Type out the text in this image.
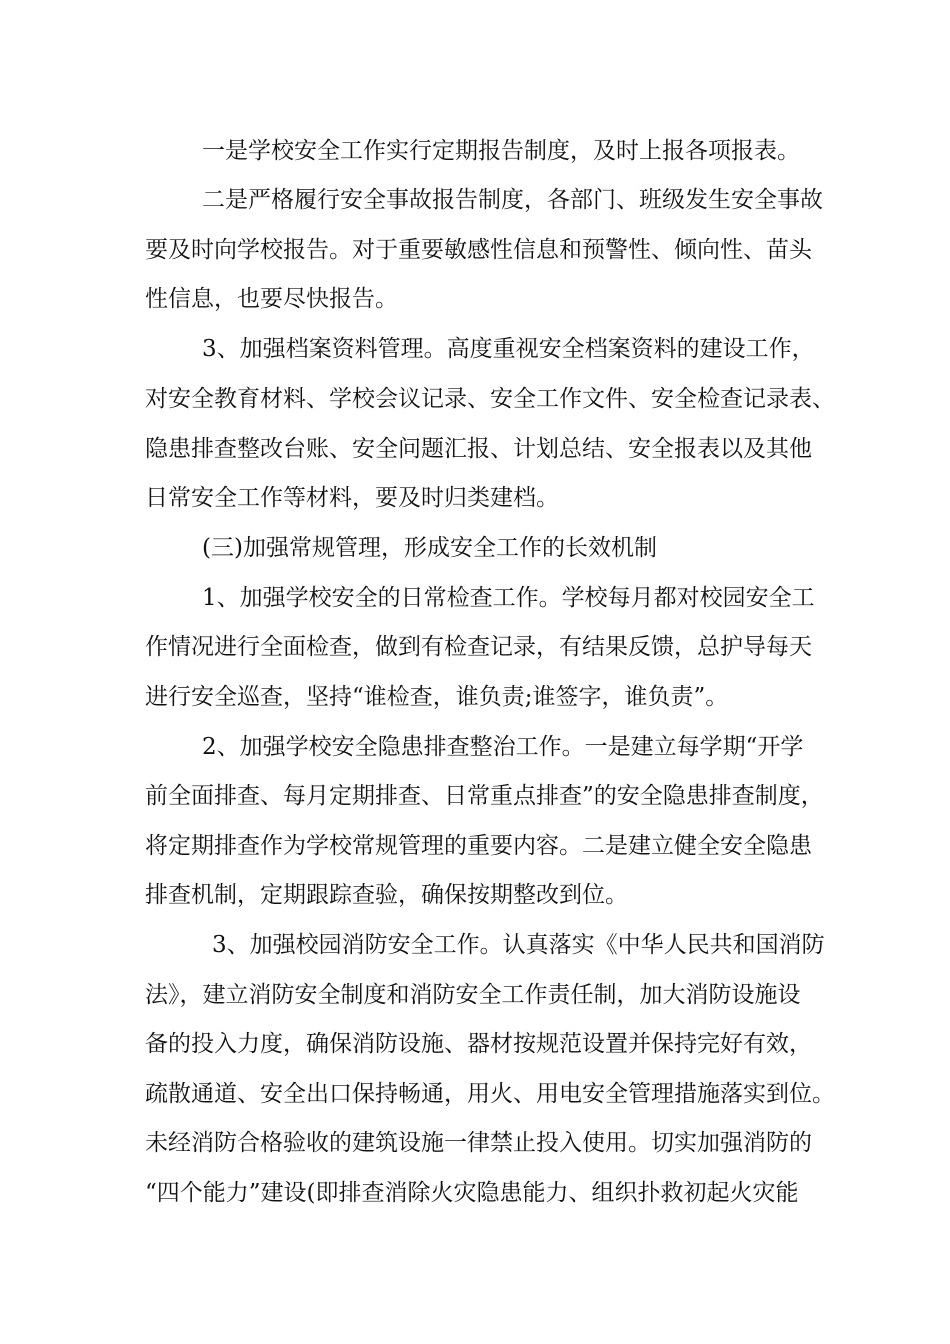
一是学校安全工作实行定期报告制度，及时上报各项报表。
二是严格履行安全事故报告制度，各部门、班级发生安全事故
要及时向学校报告。对于重要敏感性信息和预警性、倾向性、苗头
性信息，也要尽快报告。
3、加强档案资料管理。高度重视安全档案资料的建设工作，
对安全教育材料、学校会议记录、安全工作文件、安全检查记录表、
隐患排查整改台账、安全问题汇报、计划总结、安全报表以及其他
日常安全工作等材料，要及时归类建档。
(三)加强常规管理，形成安全工作的长效机制
1、加强学校安全的日常检查工作。学校每月都对校园安全工
作情况进行全面检查，做到有检查记录，有结果反馈，总护导每天
进行安全巡查，坚持“谁检查，谁负责;谁签字，谁负责”。
2、加强学校安全隐患排查整治工作。一是建立每学期“开学
前全面排查、每月定期排查、日常重点排查”的安全隐患排查制度，
将定期排查作为学校常规管理的重要内容。二是建立健全安全隐患
排查机制，定期跟踪查验，确保按期整改到位。
3、加强校园消防安全工作。认真落实《中华人民共和国消防
法》，建立消防安全制度和消防安全工作责任制，加大消防设施设
备的投入力度，确保消防设施、器材按规范设置并保持完好有效，
疏散通道、安全出口保持畅通，用火、用电安全管理措施落实到位。
未经消防合格验收的建筑设施一律禁止投入使用。切实加强消防的
“四个能力”建设(即排查消除火灾隐患能力、组织扑救初起火灾能
